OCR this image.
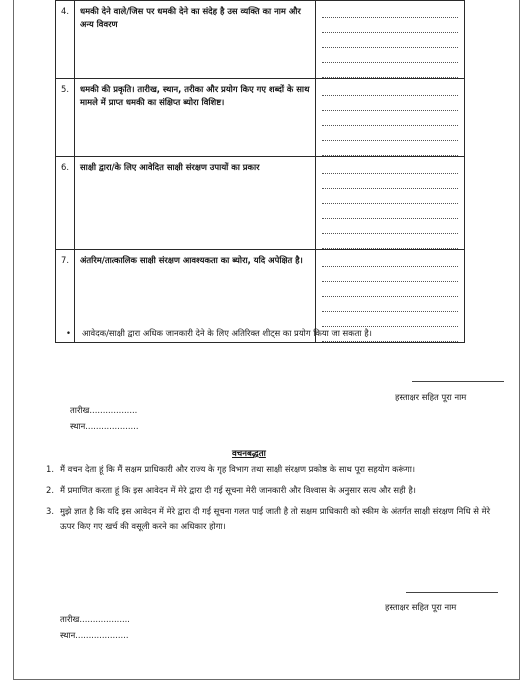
4.	धमकी देने वाले/जिस पर धमकी देने का संदेह है उस व्यक्ति का नाम और अन्य विवरण	

5.	धमकी की प्रकृति। तारीख, स्थान, तरीका और प्रयोग किए गए शब्दों के साथ मामले में प्राप्त धमकी का संक्षिप्त ब्योरा विशिष्ट।	

6.	साक्षी द्वारा/के लिए आवेदित साक्षी संरक्षण उपायों का प्रकार	

7.	अंतरिम/तात्कालिक साक्षी संरक्षण आवश्यकता का ब्योरा, यदि अपेक्षित है।	
• आवेदक/साक्षी द्वारा अधिक जानकारी देने के लिए अतिरिक्त शीट्स का प्रयोग किया जा सकता है।
हस्ताक्षर सहित पूरा नाम
तारीख..................
स्थान....................
वचनबद्धता
1. मैं वचन देता हूं कि मैं सक्षम प्राधिकारी और राज्य के गृह विभाग तथा साक्षी संरक्षण प्रकोष्ठ के साथ पूरा सहयोग करूंगा।
2. मैं प्रमाणित करता हूं कि इस आवेदन में मेरे द्वारा दी गई सूचना मेरी जानकारी और विश्वास के अनुसार सत्य और सही है।
3. मुझे ज्ञात है कि यदि इस आवेदन में मेरे द्वारा दी गई सूचना गलत पाई जाती है तो सक्षम प्राधिकारी को स्कीम के अंतर्गत साक्षी संरक्षण निधि से मेरे ऊपर किए गए खर्च की वसूली करने का अधिकार होगा।
हस्ताक्षर सहित पूरा नाम
तारीख...................
स्थान....................
